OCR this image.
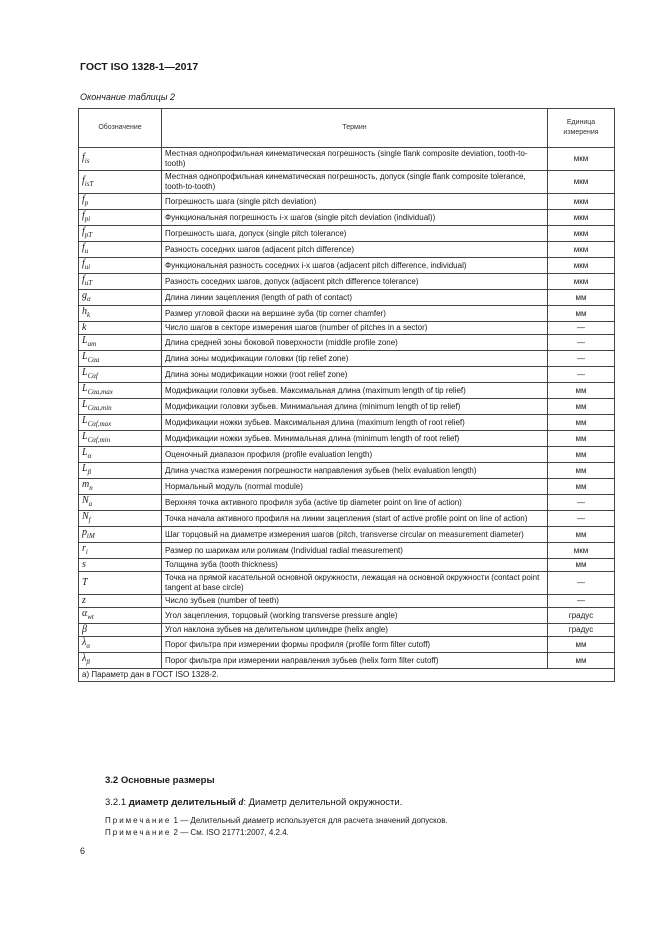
ГОСТ ISO 1328-1—2017
Окончание таблицы 2
Обозначение	Термин	Единица измерения
$f_{is}$	Местная однопрофильная кинематическая погрешность (single flank composite deviation, tooth-to-tooth)	мкм
$f_{isT}$	Местная однопрофильная кинематическая погрешность, допуск (single flank composite tolerance, tooth-to-tooth)	мкм
$f_p$	Погрешность шага (single pitch deviation)	мкм
$f_{pi}$	Функциональная погрешность i-x шагов (single pitch deviation (individual))	мкм
$f_{pT}$	Погрешность шага, допуск (single pitch tolerance)	мкм
$f_u$	Разность соседних шагов (adjacent pitch difference)	мкм
$f_{ui}$	Функциональная разность соседних i-x шагов (adjacent pitch difference, individual)	мкм
$f_{uT}$	Разность соседних шагов, допуск (adjacent pitch difference tolerance)	мкм
$g_\alpha$	Длина линии зацепления (length of path of contact)	мм
$h_k$	Размер угловой фаски на вершине зуба (tip corner chamfer)	мм
k	Число шагов в секторе измерения шагов (number of pitches in a sector)	—
$L_{am}$	Длина средней зоны боковой поверхности (middle profile zone)	—
$L_{C\alpha a}$	Длина зоны модификации головки (tip relief zone)	—
$L_{C\alpha f}$	Длина зоны модификации ножки (root relief zone)	—
$L_{C\alpha a,max}$	Модификации головки зубьев. Максимальная длина (maximum length of tip relief)	мм
$L_{C\alpha a,min}$	Модификации головки зубьев. Минимальная длина (minimum length of tip relief)	мм
$L_{C\alpha f,max}$	Модификации ножки зубьев. Максимальная длина (maximum length of root relief)	мм
$L_{C\alpha f,min}$	Модификации ножки зубьев. Минимальная длина (minimum length of root relief)	мм
$L_\alpha$	Оценочный диапазон профиля (profile evaluation length)	мм
$L_\beta$	Длина участка измерения погрешности направления зубьев (helix evaluation length)	мм
$m_n$	Нормальный модуль (normal module)	мм
$N_a$	Верхняя точка активного профиля зуба (active tip diameter point on line of action)	—
$N_f$	Точка начала активного профиля на линии зацепления (start of active profile point on line of action)	—
$p_{tM}$	Шаг торцовый на диаметре измерения шагов (pitch, transverse circular on measurement diameter)	мм
$r_i$	Размер по шарикам или роликам (Individual radial measurement)	мкм
s	Толщина зуба (tooth thickness)	мм
T	Точка на прямой касательной основной окружности, лежащая на основной окружности (contact point tangent at base circle)	—
z	Число зубьев (number of teeth)	—
$\alpha_{wt}$	Угол зацепления, торцовый (working transverse pressure angle)	градус
β	Угол наклона зубьев на делительном цилиндре (helix angle)	градус
$\lambda_\alpha$	Порог фильтра при измерении формы профиля (profile form filter cutoff)	мм
$\lambda_\beta$	Порог фильтра при измерении направления зубьев (helix form filter cutoff)	мм
a) Параметр дан в ГОСТ ISO 1328-2.		
3.2 Основные размеры
3.2.1 диаметр делительный d: Диаметр делительной окружности.
Примечание 1 — Делительный диаметр используется для расчета значений допусков.
Примечание 2 — См. ISO 21771:2007, 4.2.4.
6
